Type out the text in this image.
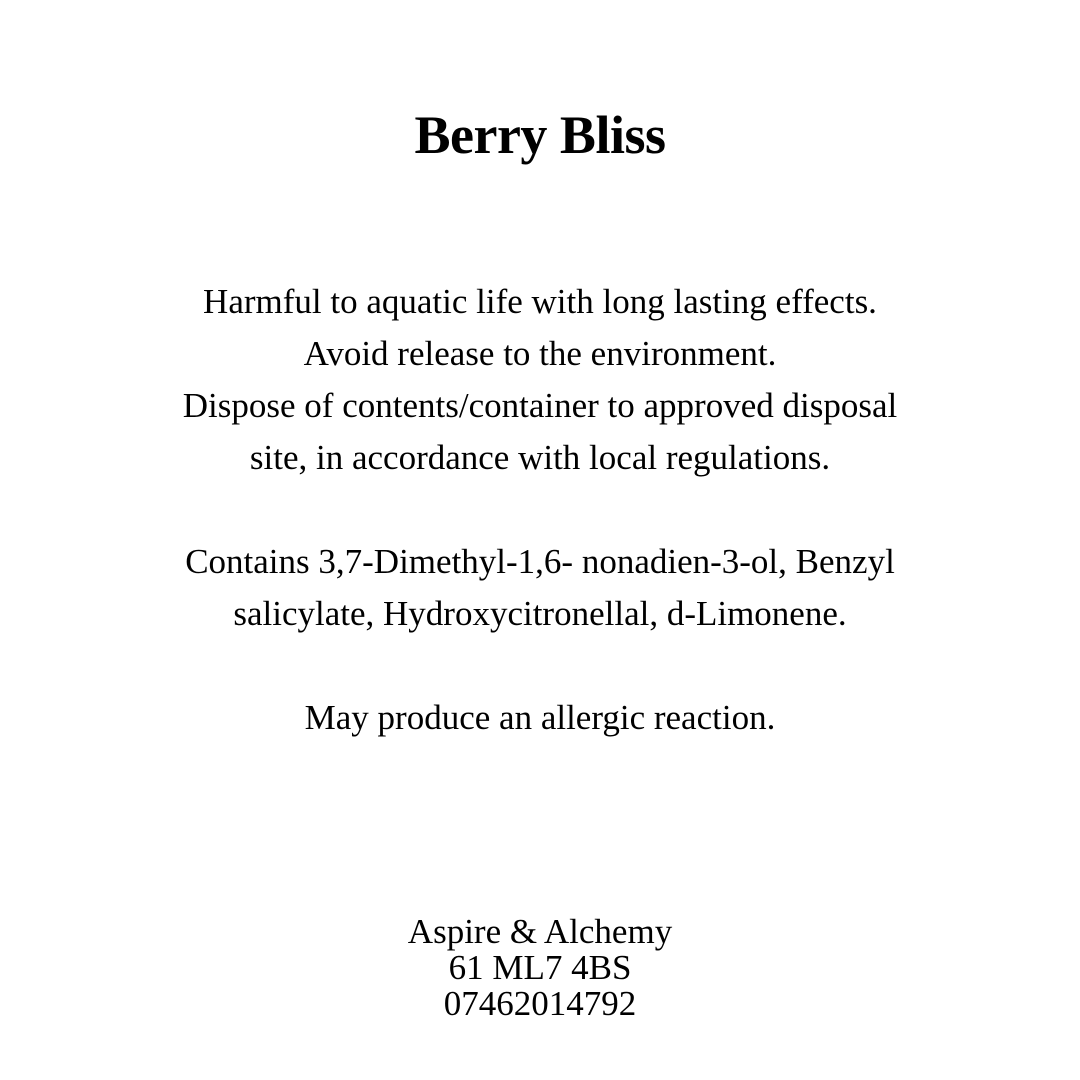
Berry Bliss
Harmful to aquatic life with long lasting effects.
Avoid release to the environment.
Dispose of contents/container to approved disposal
site, in accordance with local regulations.
Contains 3,7-Dimethyl-1,6- nonadien-3-ol, Benzyl
salicylate, Hydroxycitronellal, d-Limonene.
May produce an allergic reaction.
Aspire & Alchemy
61 ML7 4BS
07462014792
